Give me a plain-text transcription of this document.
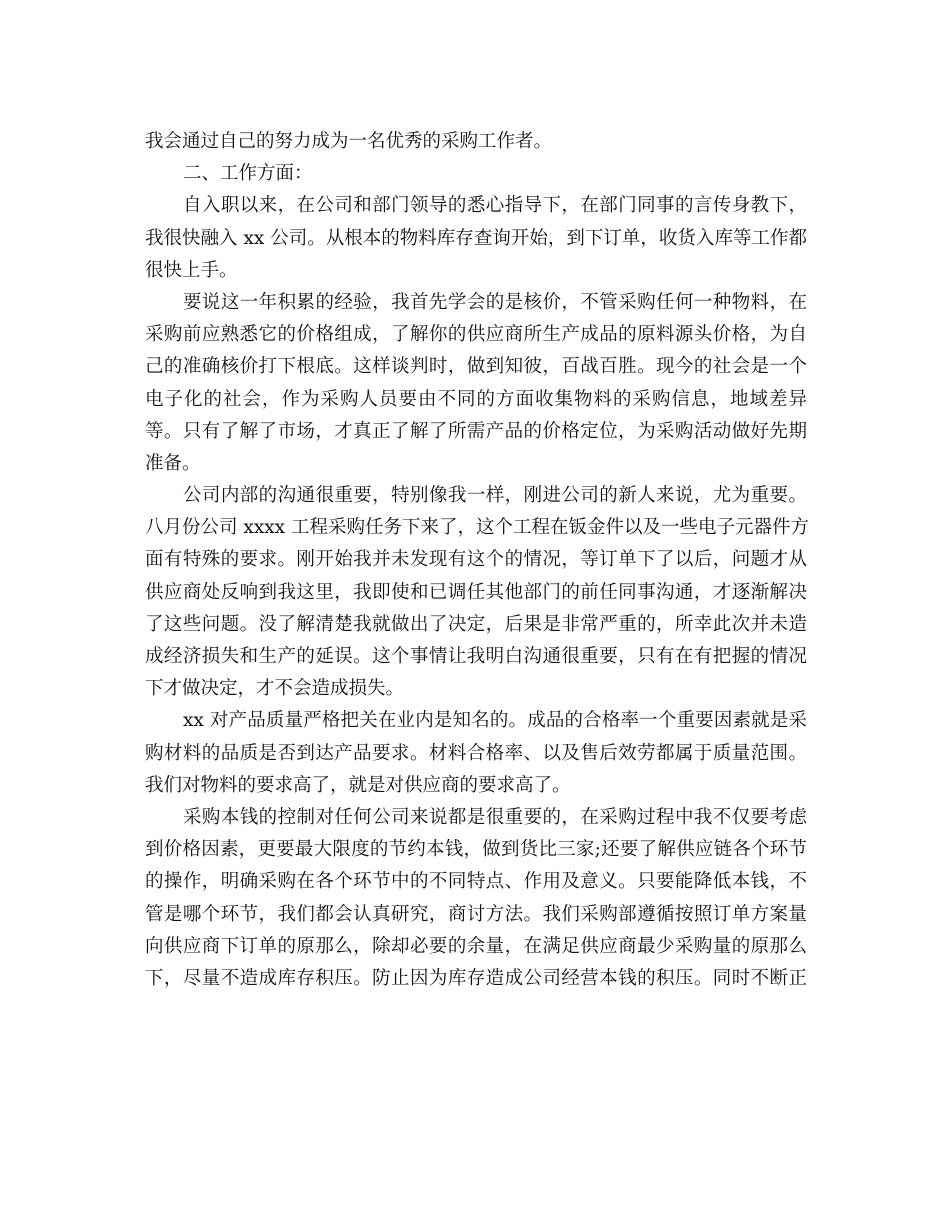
我会通过自己的努力成为一名优秀的采购工作者。
二、工作方面：
自入职以来，在公司和部门领导的悉心指导下，在部门同事的言传身教下，
我很快融入 xx 公司。从根本的物料库存查询开始，到下订单，收货入库等工作都
很快上手。
要说这一年积累的经验，我首先学会的是核价，不管采购任何一种物料，在
采购前应熟悉它的价格组成，了解你的供应商所生产成品的原料源头价格，为自
己的准确核价打下根底。这样谈判时，做到知彼，百战百胜。现今的社会是一个
电子化的社会，作为采购人员要由不同的方面收集物料的采购信息，地域差异
等。只有了解了市场，才真正了解了所需产品的价格定位，为采购活动做好先期
准备。
公司内部的沟通很重要，特别像我一样，刚进公司的新人来说，尤为重要。
八月份公司 xxxx 工程采购任务下来了，这个工程在钣金件以及一些电子元器件方
面有特殊的要求。刚开始我并未发现有这个的情况，等订单下了以后，问题才从
供应商处反响到我这里，我即使和已调任其他部门的前任同事沟通，才逐渐解决
了这些问题。没了解清楚我就做出了决定，后果是非常严重的，所幸此次并未造
成经济损失和生产的延误。这个事情让我明白沟通很重要，只有在有把握的情况
下才做决定，才不会造成损失。
xx 对产品质量严格把关在业内是知名的。成品的合格率一个重要因素就是采
购材料的品质是否到达产品要求。材料合格率、以及售后效劳都属于质量范围。
我们对物料的要求高了，就是对供应商的要求高了。
采购本钱的控制对任何公司来说都是很重要的，在采购过程中我不仅要考虑
到价格因素，更要最大限度的节约本钱，做到货比三家;还要了解供应链各个环节
的操作，明确采购在各个环节中的不同特点、作用及意义。只要能降低本钱，不
管是哪个环节，我们都会认真研究，商讨方法。我们采购部遵循按照订单方案量
向供应商下订单的原那么，除却必要的余量，在满足供应商最少采购量的原那么
下，尽量不造成库存积压。防止因为库存造成公司经营本钱的积压。同时不断正
